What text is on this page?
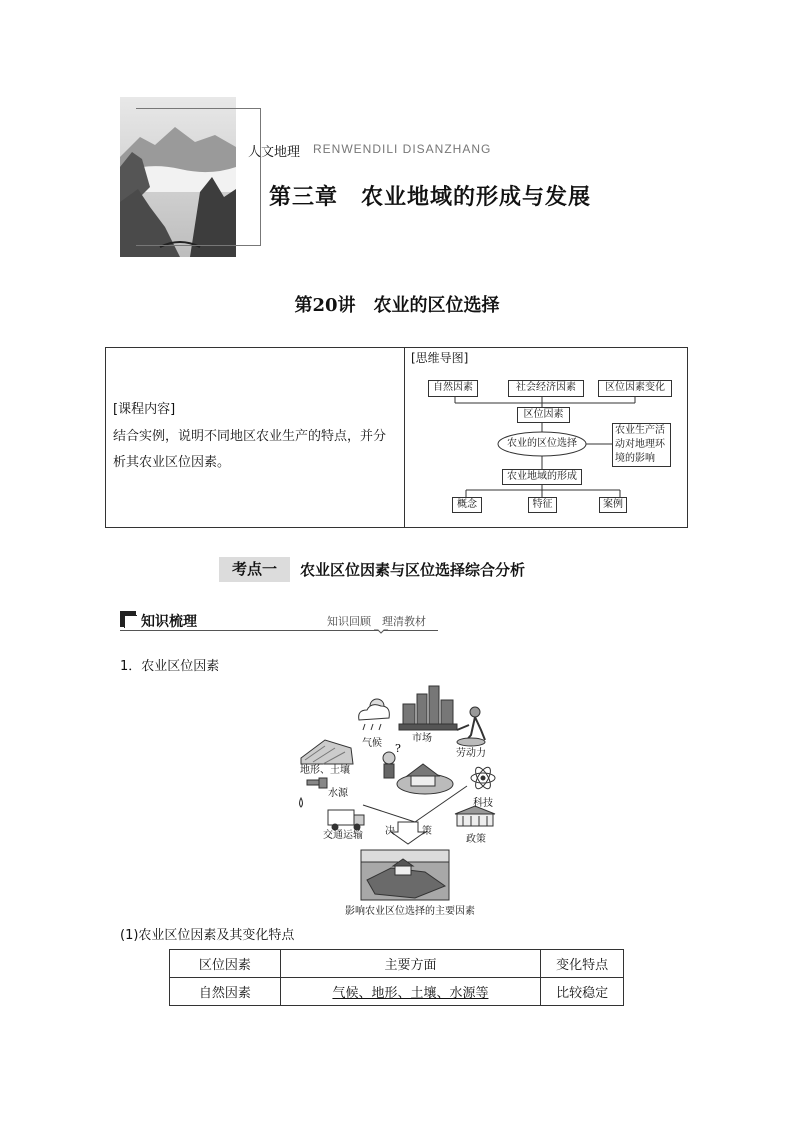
人文地理 RENWENDILI DISANZHANG
第三章　农业地域的形成与发展
第20讲　农业的区位选择
[课程内容]
结合实例，说明不同地区农业生产的特点，并分析其农业区位因素。
[思维导图]
自然因素	社会经济因素	区位因素变化
区位因素
农业的区位选择
农业生产活动对地理环境的影响
农业地域的形成
概念	特征	案例
考点一	农业区位因素与区位选择综合分析
知识梳理	知识回顾　理清教材
1．农业区位因素
?
气候	市场
劳动力
地形、土壤
水源
科技
交通运输	政策
决	策
影响农业区位选择的主要因素
(1)农业区位因素及其变化特点
区位因素	主要方面	变化特点
自然因素	气候、地形、土壤、水源等	比较稳定
